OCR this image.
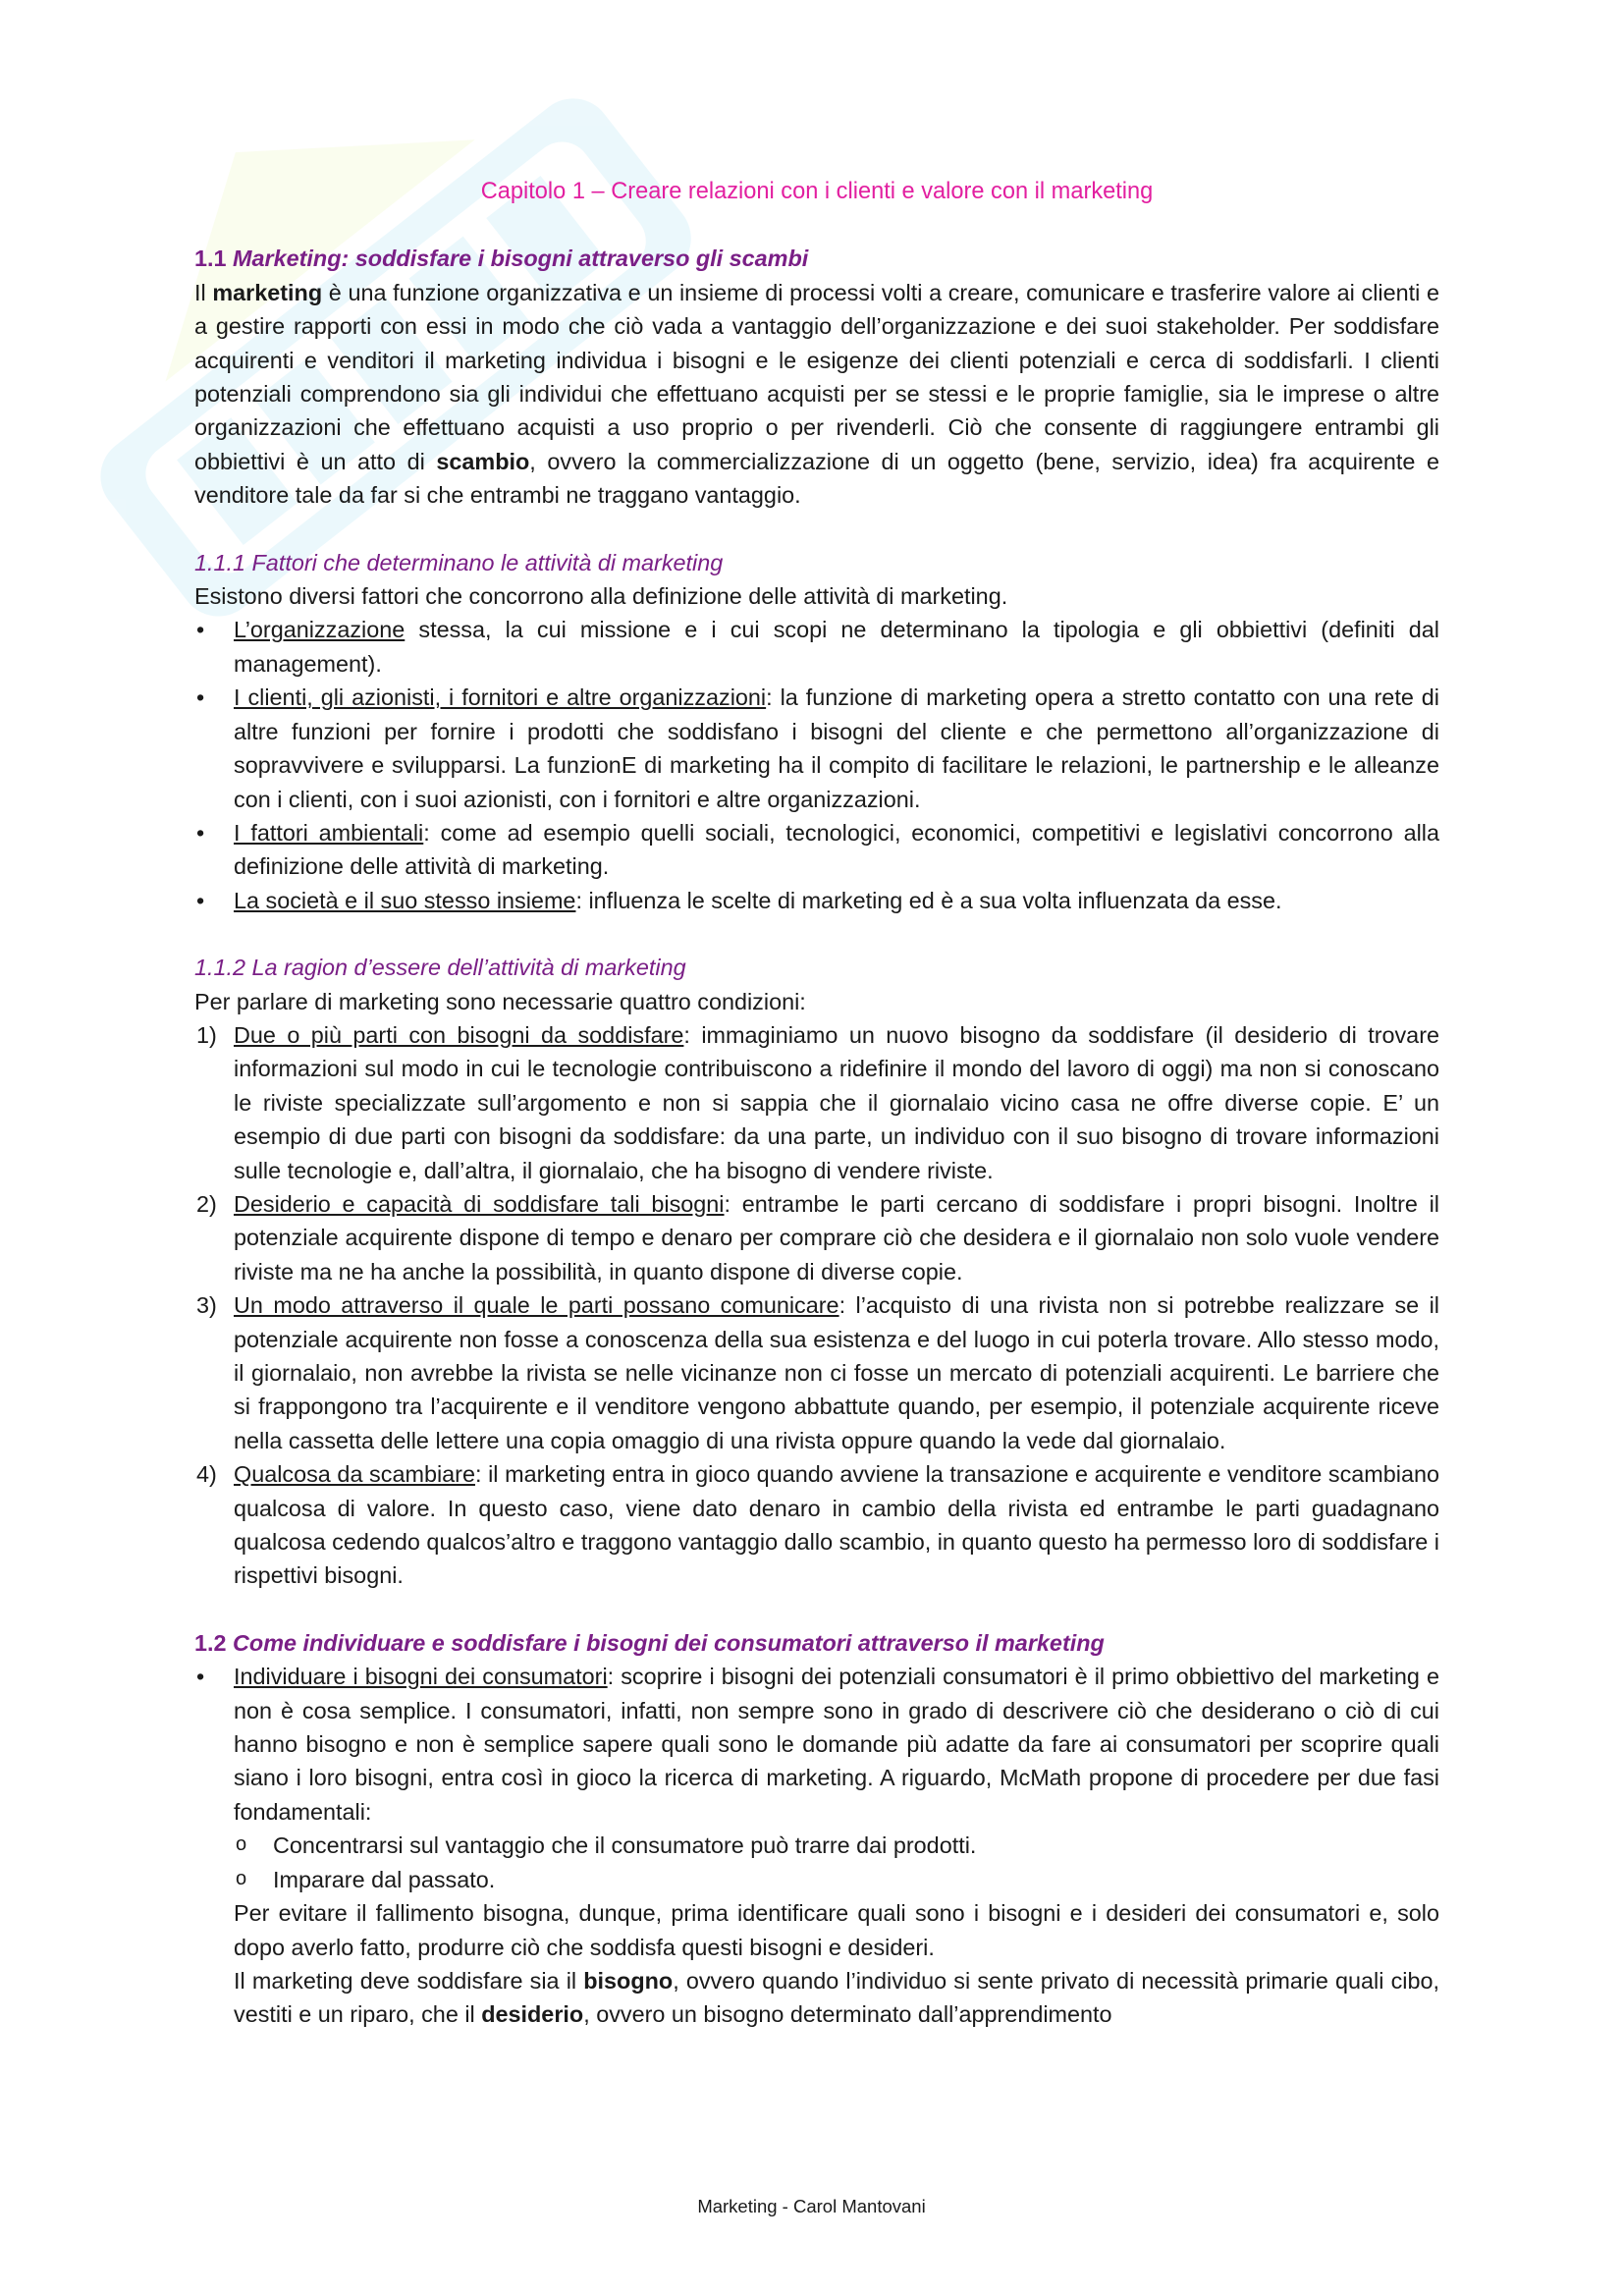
Capitolo 1 – Creare relazioni con i clienti e valore con il marketing

1.1 Marketing: soddisfare i bisogni attraverso gli scambi

Il marketing è una funzione organizzativa e un insieme di processi volti a creare, comunicare e trasferire valore ai clienti e a gestire rapporti con essi in modo che ciò vada a vantaggio dell’organizzazione e dei suoi stakeholder. Per soddisfare acquirenti e venditori il marketing individua i bisogni e le esigenze dei clienti potenziali e cerca di soddisfarli. I clienti potenziali comprendono sia gli individui che effettuano acquisti per se stessi e le proprie famiglie, sia le imprese o altre organizzazioni che effettuano acquisti a uso proprio o per rivenderli. Ciò che consente di raggiungere entrambi gli obbiettivi è un atto di scambio, ovvero la commercializzazione di un oggetto (bene, servizio, idea) fra acquirente e venditore tale da far si che entrambi ne traggano vantaggio.

1.1.1 Fattori che determinano le attività di marketing

Esistono diversi fattori che concorrono alla definizione delle attività di marketing.

• L’organizzazione stessa, la cui missione e i cui scopi ne determinano la tipologia e gli obbiettivi (definiti dal management).
• I clienti, gli azionisti, i fornitori e altre organizzazioni: la funzione di marketing opera a stretto contatto con una rete di altre funzioni per fornire i prodotti che soddisfano i bisogni del cliente e che permettono all’organizzazione di sopravvivere e svilupparsi. La funzionE di marketing ha il compito di facilitare le relazioni, le partnership e le alleanze con i clienti, con i suoi azionisti, con i fornitori e altre organizzazioni.
• I fattori ambientali: come ad esempio quelli sociali, tecnologici, economici, competitivi e legislativi concorrono alla definizione delle attività di marketing.
• La società e il suo stesso insieme: influenza le scelte di marketing ed è a sua volta influenzata da esse.

1.1.2 La ragion d’essere dell’attività di marketing

Per parlare di marketing sono necessarie quattro condizioni:

1) Due o più parti con bisogni da soddisfare: immaginiamo un nuovo bisogno da soddisfare (il desiderio di trovare informazioni sul modo in cui le tecnologie contribuiscono a ridefinire il mondo del lavoro di oggi) ma non si conoscano le riviste specializzate sull’argomento e non si sappia che il giornalaio vicino casa ne offre diverse copie. E’ un esempio di due parti con bisogni da soddisfare: da una parte, un individuo con il suo bisogno di trovare informazioni sulle tecnologie e, dall’altra, il giornalaio, che ha bisogno di vendere riviste.
2) Desiderio e capacità di soddisfare tali bisogni: entrambe le parti cercano di soddisfare i propri bisogni. Inoltre il potenziale acquirente dispone di tempo e denaro per comprare ciò che desidera e il giornalaio non solo vuole vendere riviste ma ne ha anche la possibilità, in quanto dispone di diverse copie.
3) Un modo attraverso il quale le parti possano comunicare: l’acquisto di una rivista non si potrebbe realizzare se il potenziale acquirente non fosse a conoscenza della sua esistenza e del luogo in cui poterla trovare. Allo stesso modo, il giornalaio, non avrebbe la rivista se nelle vicinanze non ci fosse un mercato di potenziali acquirenti. Le barriere che si frappongono tra l’acquirente e il venditore vengono abbattute quando, per esempio, il potenziale acquirente riceve nella cassetta delle lettere una copia omaggio di una rivista oppure quando la vede dal giornalaio.
4) Qualcosa da scambiare: il marketing entra in gioco quando avviene la transazione e acquirente e venditore scambiano qualcosa di valore. In questo caso, viene dato denaro in cambio della rivista ed entrambe le parti guadagnano qualcosa cedendo qualcos’altro e traggono vantaggio dallo scambio, in quanto questo ha permesso loro di soddisfare i rispettivi bisogni.

1.2 Come individuare e soddisfare i bisogni dei consumatori attraverso il marketing

• Individuare i bisogni dei consumatori: scoprire i bisogni dei potenziali consumatori è il primo obbiettivo del marketing e non è cosa semplice. I consumatori, infatti, non sempre sono in grado di descrivere ciò che desiderano o ciò di cui hanno bisogno e non è semplice sapere quali sono le domande più adatte da fare ai consumatori per scoprire quali siano i loro bisogni, entra così in gioco la ricerca di marketing. A riguardo, McMath propone di procedere per due fasi fondamentali:
o Concentrarsi sul vantaggio che il consumatore può trarre dai prodotti.
o Imparare dal passato.

Per evitare il fallimento bisogna, dunque, prima identificare quali sono i bisogni e i desideri dei consumatori e, solo dopo averlo fatto, produrre ciò che soddisfa questi bisogni e desideri.

Il marketing deve soddisfare sia il bisogno, ovvero quando l’individuo si sente privato di necessità primarie quali cibo, vestiti e un riparo, che il desiderio, ovvero un bisogno determinato dall’apprendimento

Marketing - Carol Mantovani
